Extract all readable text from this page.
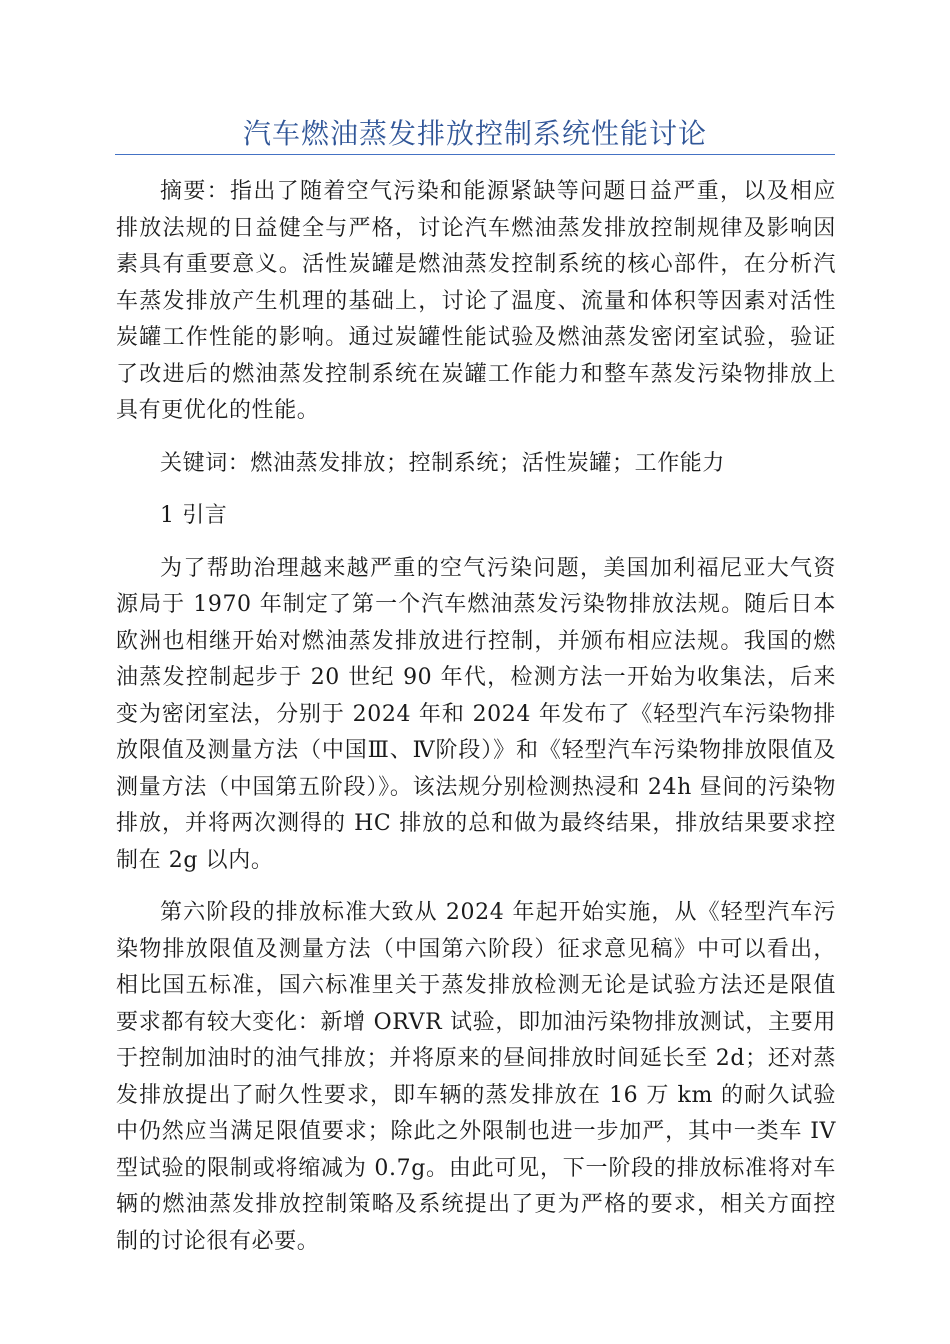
汽车燃油蒸发排放控制系统性能讨论

摘要：指出了随着空气污染和能源紧缺等问题日益严重，以及相应排放法规的日益健全与严格，讨论汽车燃油蒸发排放控制规律及影响因素具有重要意义。活性炭罐是燃油蒸发控制系统的核心部件，在分析汽车蒸发排放产生机理的基础上，讨论了温度、流量和体积等因素对活性炭罐工作性能的影响。通过炭罐性能试验及燃油蒸发密闭室试验，验证了改进后的燃油蒸发控制系统在炭罐工作能力和整车蒸发污染物排放上具有更优化的性能。

关键词：燃油蒸发排放；控制系统；活性炭罐；工作能力

1 引言

为了帮助治理越来越严重的空气污染问题，美国加利福尼亚大气资源局于 1970 年制定了第一个汽车燃油蒸发污染物排放法规。随后日本欧洲也相继开始对燃油蒸发排放进行控制，并颁布相应法规。我国的燃油蒸发控制起步于 20 世纪 90 年代，检测方法一开始为收集法，后来变为密闭室法，分别于 2024 年和 2024 年发布了《轻型汽车污染物排放限值及测量方法（中国Ⅲ、Ⅳ阶段）》和《轻型汽车污染物排放限值及测量方法（中国第五阶段）》。该法规分别检测热浸和 24h 昼间的污染物排放，并将两次测得的 HC 排放的总和做为最终结果，排放结果要求控制在 2g 以内。

第六阶段的排放标准大致从 2024 年起开始实施，从《轻型汽车污染物排放限值及测量方法（中国第六阶段）征求意见稿》中可以看出，相比国五标准，国六标准里关于蒸发排放检测无论是试验方法还是限值要求都有较大变化：新增 ORVR 试验，即加油污染物排放测试，主要用于控制加油时的油气排放；并将原来的昼间排放时间延长至 2d；还对蒸发排放提出了耐久性要求，即车辆的蒸发排放在 16 万 km 的耐久试验中仍然应当满足限值要求；除此之外限制也进一步加严，其中一类车 IV 型试验的限制或将缩减为 0.7g。由此可见，下一阶段的排放标准将对车辆的燃油蒸发排放控制策略及系统提出了更为严格的要求，相关方面控制的讨论很有必要。
